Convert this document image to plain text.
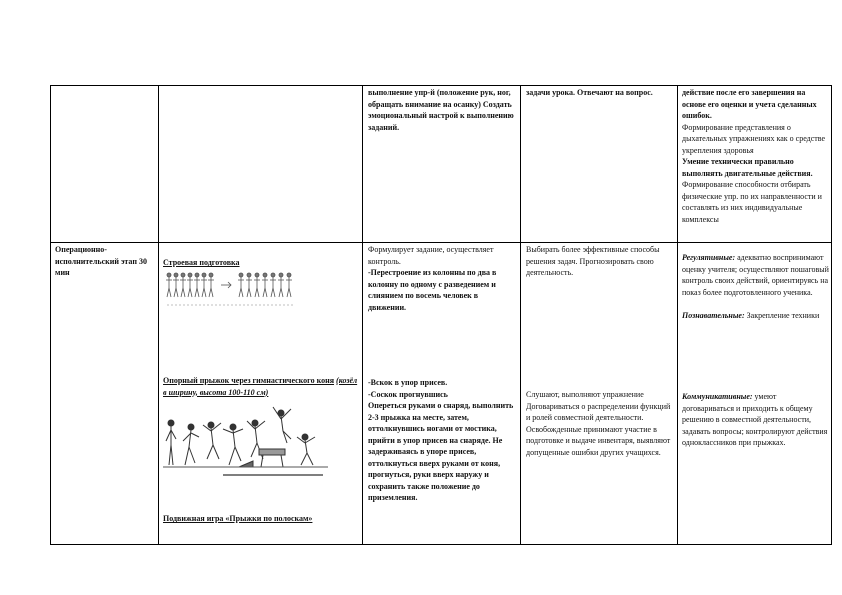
выполнение упр-й (положение рук, ног, обращать внимание на осанку) Создать эмоциональный настрой к выполнению заданий.

задачи урока. Отвечают на вопрос.	действие после его завершения на основе его оценки и учета сделанных ошибок.

Формирование представления о дыхательных упражнениях как о средстве укрепления здоровья

Умение технически правильно выполнять двигательные действия.

Формирование способности отбирать физические упр. по их направленности и составлять из них индивидуальные комплексы

Операционно-исполнительский этап 30 мин

Строевая подготовка

Опорный прыжок через гимнастического коня (козёл в ширину, высота 100-110 см)

Подвижная игра «Прыжки по полоскам»

Формулирует задание, осуществляет контроль.

-Перестроение из колонны по два в колонну по одному с разведением и слиянием по восемь человек в движении.

-Вскок в упор присев.

-Соскок прогнувшись

Опереться руками о снаряд, выполнить 2-3 прыжка на месте, затем, оттолкнувшись ногами от мостика, прийти в упор присев на снаряде. Не задерживаясь в упоре присев, оттолкнуться вверх руками от коня, прогнуться, руки вверх наружу и сохранить также положение до приземления.

Выбирать более эффективные способы решения задач. Прогнозировать свою деятельность.

Слушают, выполняют упражнение Договариваться о распределении функций и ролей совместной деятельности. Освобожденные принимают участие в подготовке и выдаче инвентаря, выявляют допущенные ошибки других учащихся.

Регулятивные: адекватно воспринимают оценку учителя; осуществляют пошаговый контроль своих действий, ориентируясь на показ более подготовленного ученика.

Познавательные: Закрепление техники

Коммуникативные: умеют договариваться и приходить к общему решению в совместной деятельности, задавать вопросы; контролируют действия одноклассников при прыжках.
